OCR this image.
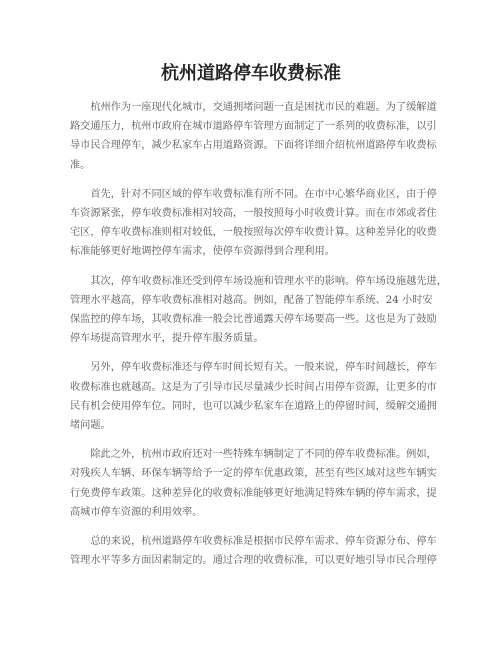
杭州道路停车收费标准

　　杭州作为一座现代化城市，交通拥堵问题一直是困扰市民的难题。为了缓解道
路交通压力，杭州市政府在城市道路停车管理方面制定了一系列的收费标准，以引
导市民合理停车，减少私家车占用道路资源。下面将详细介绍杭州道路停车收费标
准。

　　首先，针对不同区域的停车收费标准有所不同。在市中心繁华商业区，由于停
车资源紧张，停车收费标准相对较高，一般按照每小时收费计算。而在市郊或者住
宅区，停车收费标准则相对较低，一般按照每次停车收费计算。这种差异化的收费
标准能够更好地调控停车需求，使停车资源得到合理利用。

　　其次，停车收费标准还受到停车场设施和管理水平的影响。停车场设施越先进，
管理水平越高，停车收费标准相对越高。例如，配备了智能停车系统、24 小时安
保监控的停车场，其收费标准一般会比普通露天停车场要高一些。这也是为了鼓励
停车场提高管理水平，提升停车服务质量。

　　另外，停车收费标准还与停车时间长短有关。一般来说，停车时间越长，停车
收费标准也就越高。这是为了引导市民尽量减少长时间占用停车资源，让更多的市
民有机会使用停车位。同时，也可以减少私家车在道路上的停留时间，缓解交通拥
堵问题。

　　除此之外，杭州市政府还对一些特殊车辆制定了不同的停车收费标准。例如，
对残疾人车辆、环保车辆等给予一定的停车优惠政策，甚至有些区域对这些车辆实
行免费停车政策。这种差异化的收费标准能够更好地满足特殊车辆的停车需求，提
高城市停车资源的利用效率。

　　总的来说，杭州道路停车收费标准是根据市民停车需求、停车资源分布、停车
管理水平等多方面因素制定的。通过合理的收费标准，可以更好地引导市民合理停
